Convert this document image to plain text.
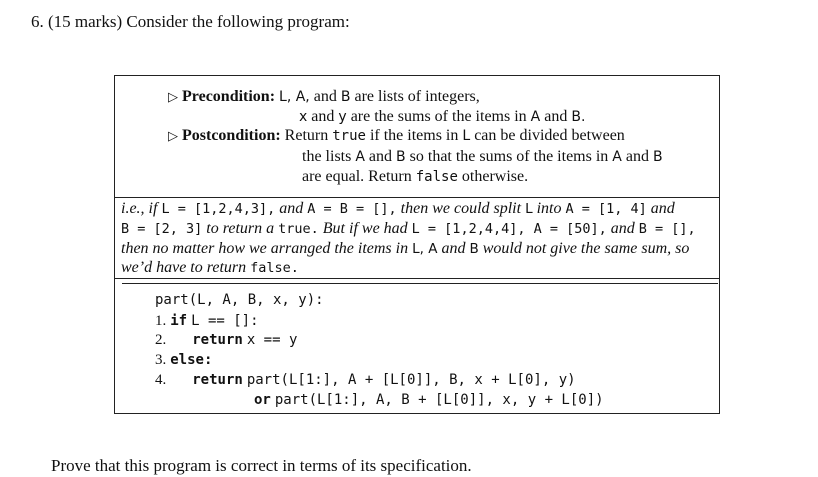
6. (15 marks) Consider the following program:
▷ Precondition: L, A, and B are lists of integers,
x and y are the sums of the items in A and B.
▷ Postcondition: Return true if the items in L can be divided between
the lists A and B so that the sums of the items in A and B
are equal. Return false otherwise.
i.e., if L = [1,2,4,3], and A = B = [], then we could split L into A = [1, 4] and
B = [2, 3] to return a true. But if we had L = [1,2,4,4], A = [50], and B = [],
then no matter how we arranged the items in L, A and B would not give the same sum, so
we’d have to return false.
part(L, A, B, x, y):
1. if L == []:
2. return x == y
3. else:
4. return part(L[1:], A + [L[0]], B, x + L[0], y)
or part(L[1:], A, B + [L[0]], x, y + L[0])
Prove that this program is correct in terms of its specification.
